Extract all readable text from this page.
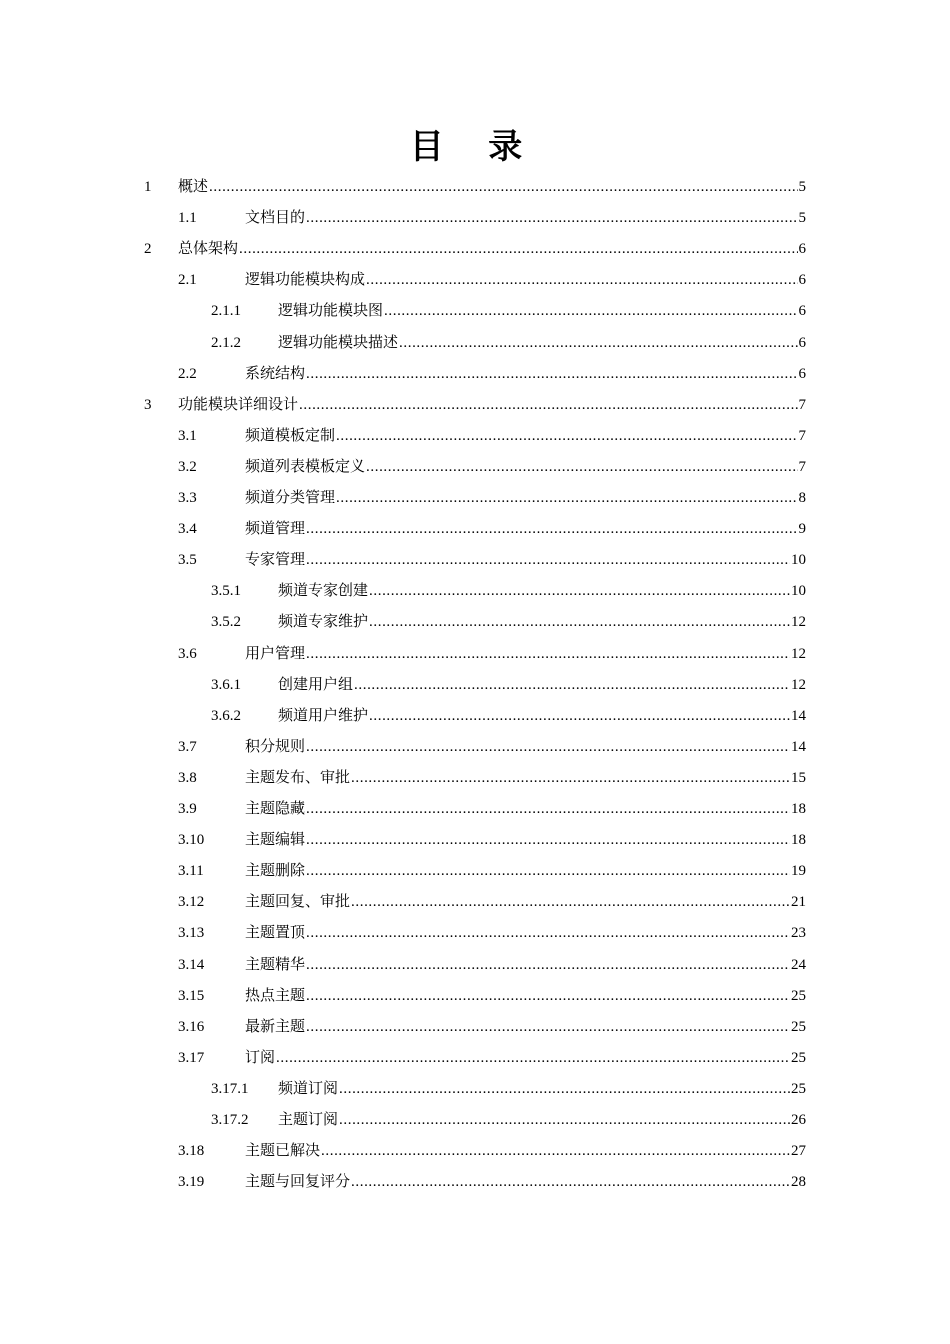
目 录
1	概述 .....	5
1.1	文档目的 .....	5
2	总体架构 .....	6
2.1	逻辑功能模块构成 .....	6
2.1.1	逻辑功能模块图 .....	6
2.1.2	逻辑功能模块描述 .....	6
2.2	系统结构 .....	6
3	功能模块详细设计 .....	7
3.1	频道模板定制 .....	7
3.2	频道列表模板定义 .....	7
3.3	频道分类管理 .....	8
3.4	频道管理 .....	9
3.5	专家管理 .....	10
3.5.1	频道专家创建 .....	10
3.5.2	频道专家维护 .....	12
3.6	用户管理 .....	12
3.6.1	创建用户组 .....	12
3.6.2	频道用户维护 .....	14
3.7	积分规则 .....	14
3.8	主题发布、审批 .....	15
3.9	主题隐藏 .....	18
3.10	主题编辑 .....	18
3.11	主题删除 .....	19
3.12	主题回复、审批 .....	21
3.13	主题置顶 .....	23
3.14	主题精华 .....	24
3.15	热点主题 .....	25
3.16	最新主题 .....	25
3.17	订阅 .....	25
3.17.1	频道订阅 .....	25
3.17.2	主题订阅 .....	26
3.18	主题已解决 .....	27
3.19	主题与回复评分 .....	28
